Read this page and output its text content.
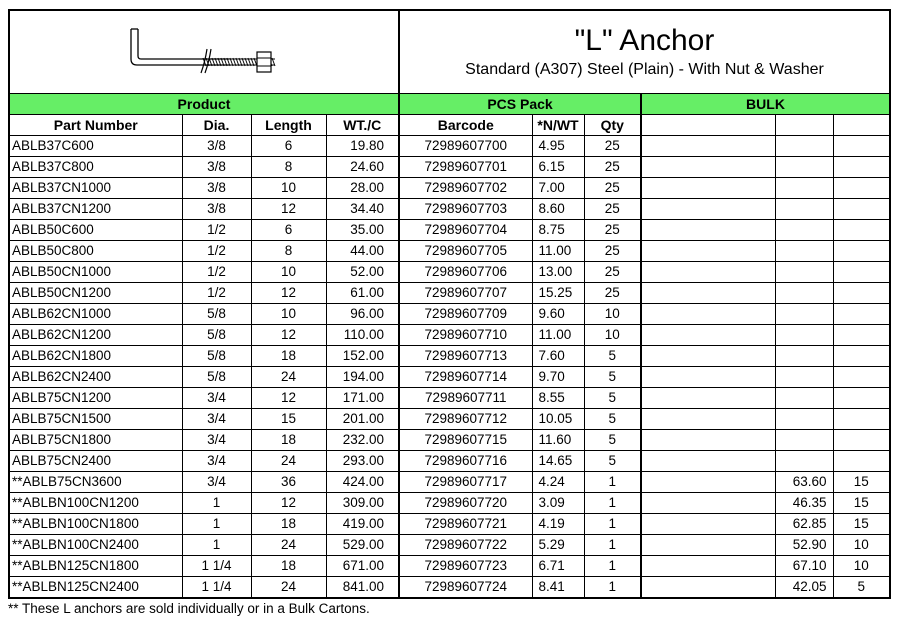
"L" Anchor
Standard (A307) Steel (Plain) - With Nut & Washer					

Product				PCS Pack			BULK		
Part Number	Dia.	Length	WT./C	Barcode	*N/WT	Qty			
ABLB37C600	3/8	6	19.80	72989607700	4.95	25			
ABLB37C800	3/8	8	24.60	72989607701	6.15	25			
ABLB37CN1000	3/8	10	28.00	72989607702	7.00	25			
ABLB37CN1200	3/8	12	34.40	72989607703	8.60	25			
ABLB50C600	1/2	6	35.00	72989607704	8.75	25			
ABLB50C800	1/2	8	44.00	72989607705	11.00	25			
ABLB50CN1000	1/2	10	52.00	72989607706	13.00	25			
ABLB50CN1200	1/2	12	61.00	72989607707	15.25	25			
ABLB62CN1000	5/8	10	96.00	72989607709	9.60	10			
ABLB62CN1200	5/8	12	110.00	72989607710	11.00	10			
ABLB62CN1800	5/8	18	152.00	72989607713	7.60	5			
ABLB62CN2400	5/8	24	194.00	72989607714	9.70	5			
ABLB75CN1200	3/4	12	171.00	72989607711	8.55	5			
ABLB75CN1500	3/4	15	201.00	72989607712	10.05	5			
ABLB75CN1800	3/4	18	232.00	72989607715	11.60	5			
ABLB75CN2400	3/4	24	293.00	72989607716	14.65	5			
**ABLB75CN3600	3/4	36	424.00	72989607717	4.24	1		63.60	15
**ABLBN100CN1200	1	12	309.00	72989607720	3.09	1		46.35	15
**ABLBN100CN1800	1	18	419.00	72989607721	4.19	1		62.85	15
**ABLBN100CN2400	1	24	529.00	72989607722	5.29	1		52.90	10
**ABLBN125CN1800	1 1/4	18	671.00	72989607723	6.71	1		67.10	10
**ABLBN125CN2400	1 1/4	24	841.00	72989607724	8.41	1		42.05	5
** These L anchors are sold individually or in a Bulk Cartons.
